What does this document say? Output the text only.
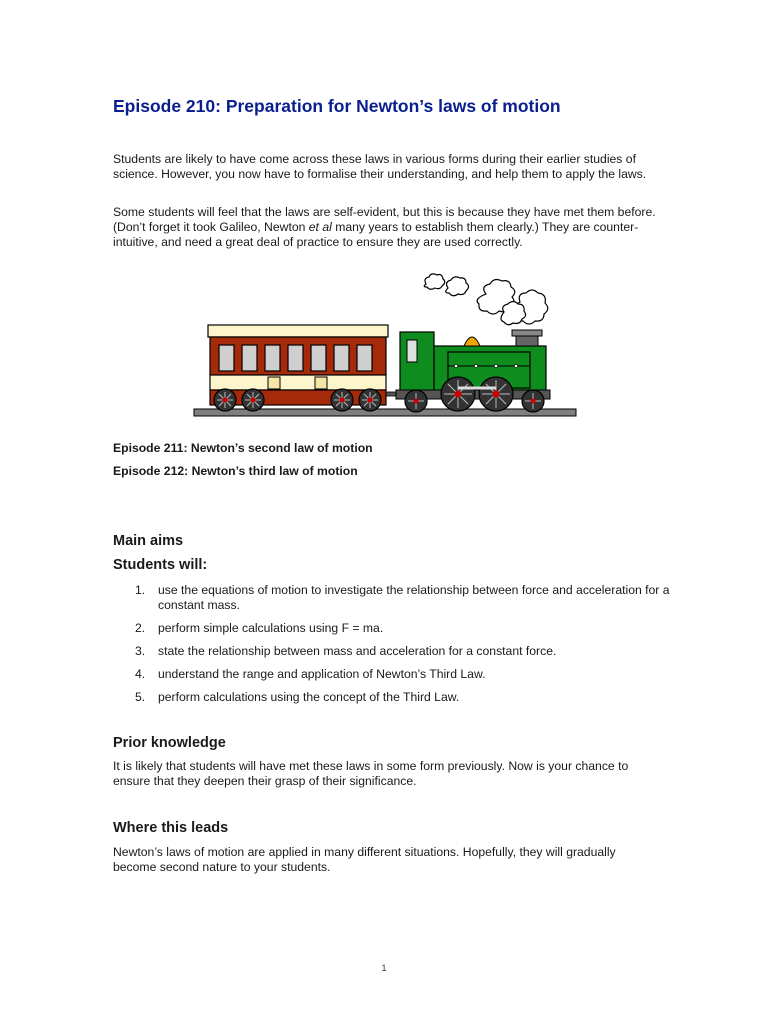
Episode 210: Preparation for Newton’s laws of motion

Students are likely to have come across these laws in various forms during their earlier studies of science. However, you now have to formalise their understanding, and help them to apply the laws.

Some students will feel that the laws are self-evident, but this is because they have met them before. (Don’t forget it took Galileo, Newton et al many years to establish them clearly.) They are counter-intuitive, and need a great deal of practice to ensure they are used correctly.

Episode 211: Newton’s second law of motion

Episode 212: Newton’s third law of motion

Main aims
Students will:
1. use the equations of motion to investigate the relationship between force and acceleration for a constant mass.
2. perform simple calculations using F = ma.
3. state the relationship between mass and acceleration for a constant force.
4. understand the range and application of Newton’s Third Law.
5. perform calculations using the concept of the Third Law.
Prior knowledge

It is likely that students will have met these laws in some form previously. Now is your chance to ensure that they deepen their grasp of their significance.

Where this leads

Newton’s laws of motion are applied in many different situations. Hopefully, they will gradually become second nature to your students.

1
